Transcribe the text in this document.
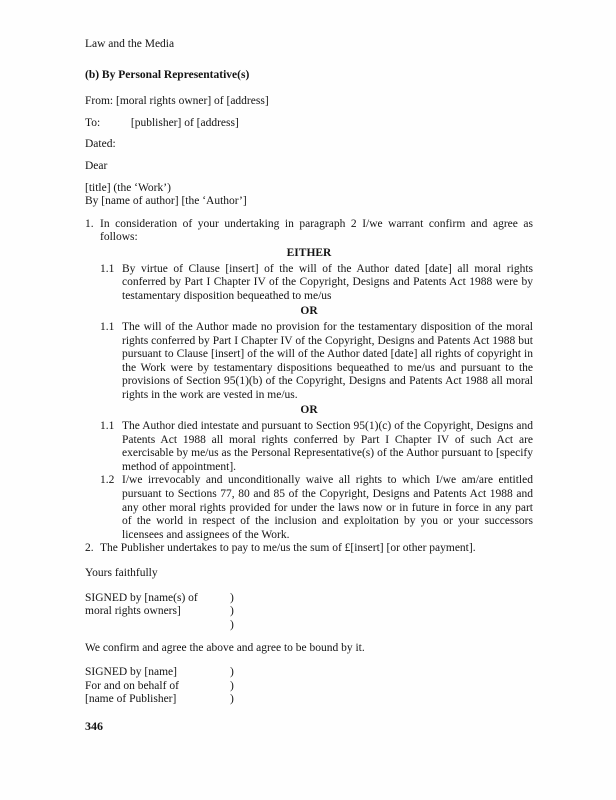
Law and the Media
(b) By Personal Representative(s)
From: [moral rights owner] of [address]
To:	[publisher] of [address]
Dated:
Dear
[title] (the ‘Work’)
By [name of author] [the ‘Author’]
1. In consideration of your undertaking in paragraph 2 I/we warrant confirm and agree as follows:
EITHER
1.1 By virtue of Clause [insert] of the will of the Author dated [date] all moral rights conferred by Part I Chapter IV of the Copyright, Designs and Patents Act 1988 were by testamentary disposition bequeathed to me/us
OR
1.1 The will of the Author made no provision for the testamentary disposition of the moral rights conferred by Part I Chapter IV of the Copyright, Designs and Patents Act 1988 but pursuant to Clause [insert] of the will of the Author dated [date] all rights of copyright in the Work were by testamentary dispositions bequeathed to me/us and pursuant to the provisions of Section 95(1)(b) of the Copyright, Designs and Patents Act 1988 all moral rights in the work are vested in me/us.
OR
1.1 The Author died intestate and pursuant to Section 95(1)(c) of the Copyright, Designs and Patents Act 1988 all moral rights conferred by Part I Chapter IV of such Act are exercisable by me/us as the Personal Representative(s) of the Author pursuant to [specify method of appointment].
1.2 I/we irrevocably and unconditionally waive all rights to which I/we am/are entitled pursuant to Sections 77, 80 and 85 of the Copyright, Designs and Patents Act 1988 and any other moral rights provided for under the laws now or in future in force in any part of the world in respect of the inclusion and exploitation by you or your successors licensees and assignees of the Work.
2. The Publisher undertakes to pay to me/us the sum of £[insert] [or other payment].
Yours faithfully
SIGNED by [name(s) of	)
moral rights owners]	)
)
We confirm and agree the above and agree to be bound by it.
SIGNED by [name]	)
For and on behalf of	)
[name of Publisher]	)
346
